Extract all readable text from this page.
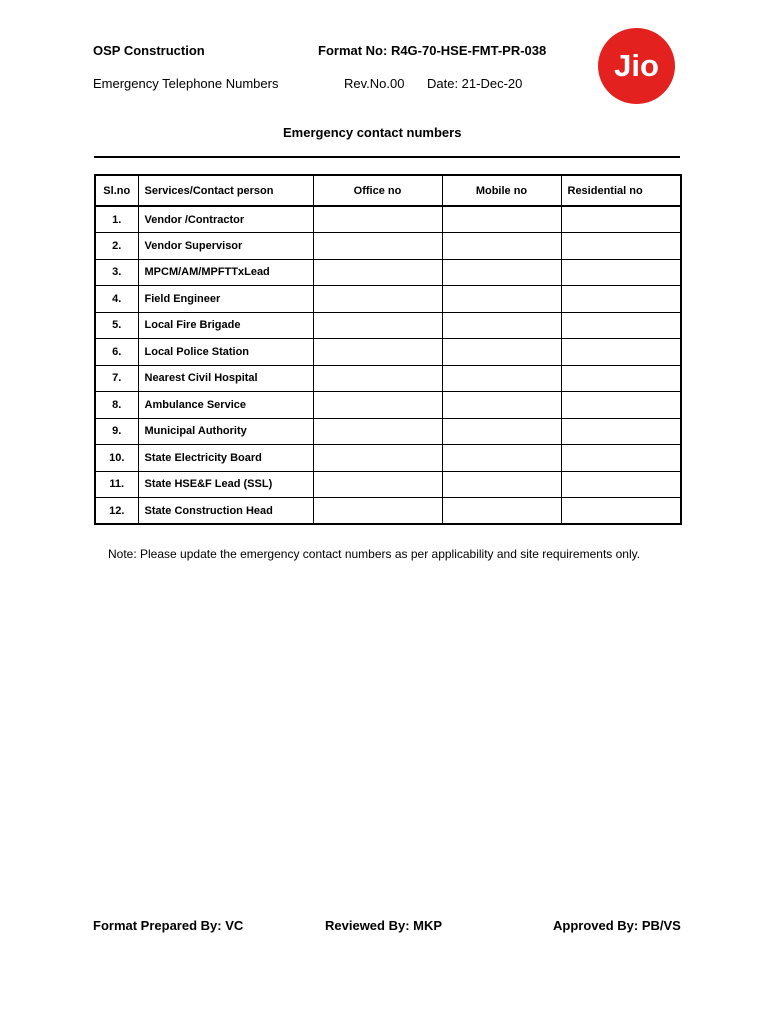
OSP Construction	Format No: R4G-70-HSE-FMT-PR-038
Emergency Telephone Numbers	Rev.No.00 Date: 21-Dec-20
Jio
Emergency contact numbers
Sl.no	Services/Contact person	Office no	Mobile no	Residential no
1.	Vendor /Contractor			
2.	Vendor Supervisor			
3.	MPCM/AM/MPFTTxLead			
4.	Field Engineer			
5.	Local Fire Brigade			
6.	Local Police Station			
7.	Nearest Civil Hospital			
8.	Ambulance Service			
9.	Municipal Authority			
10.	State Electricity Board			
11.	State HSE&F Lead (SSL)			
12.	State Construction Head			
Note: Please update the emergency contact numbers as per applicability and site requirements only.
Format Prepared By: VC	Reviewed By: MKP	Approved By: PB/VS
